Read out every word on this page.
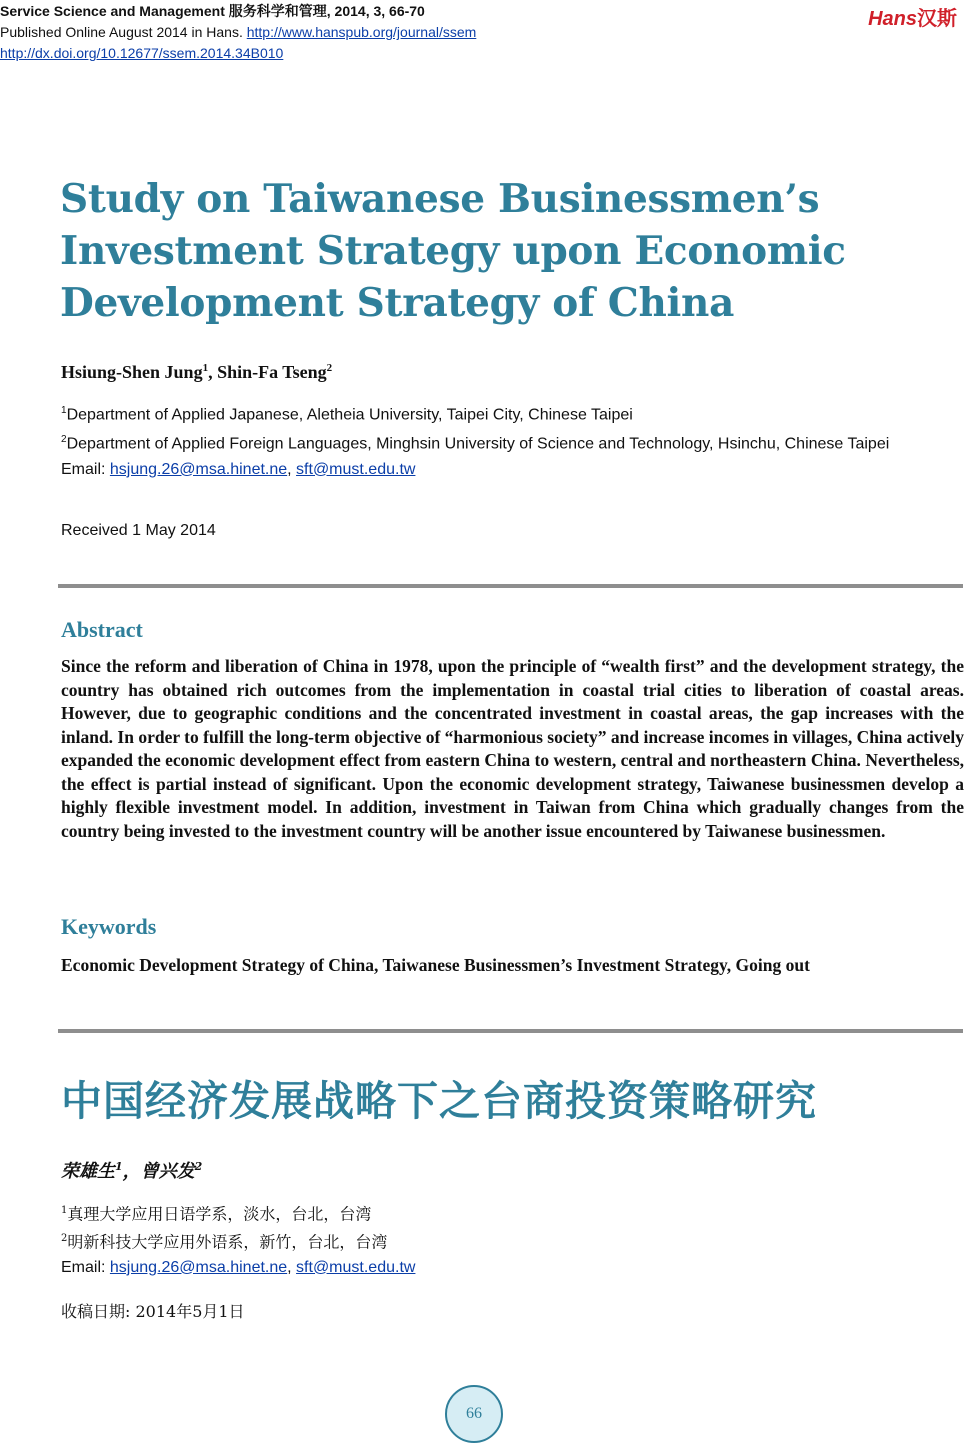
Service Science and Management 服务科学和管理, 2014, 3, 66-70
Published Online August 2014 in Hans. http://www.hanspub.org/journal/ssem
http://dx.doi.org/10.12677/ssem.2014.34B010
Hans汉斯
Study on Taiwanese Businessmen’s Investment Strategy upon Economic Development Strategy of China
Hsiung-Shen Jung$^1$, Shin-Fa Tseng$^2$
$^1$Department of Applied Japanese, Aletheia University, Taipei City, Chinese Taipei
$^2$Department of Applied Foreign Languages, Minghsin University of Science and Technology, Hsinchu, Chinese Taipei
Email: hsjung.26@msa.hinet.ne, sft@must.edu.tw
Received 1 May 2014
Abstract

Since the reform and liberation of China in 1978, upon the principle of “wealth first” and the development strategy, the country has obtained rich outcomes from the implementation in coastal trial cities to liberation of coastal areas. However, due to geographic conditions and the concentrated investment in coastal areas, the gap increases with the inland. In order to fulfill the long-term objective of “harmonious society” and increase incomes in villages, China actively expanded the economic development effect from eastern China to western, central and northeastern China. Nevertheless, the effect is partial instead of significant. Upon the economic development strategy, Taiwanese businessmen develop a highly flexible investment model. In addition, investment in Taiwan from China which gradually changes from the country being invested to the investment country will be another issue encountered by Taiwanese businessmen.

Keywords

Economic Development Strategy of China, Taiwanese Businessmen’s Investment Strategy, Going out

中国经济发展战略下之台商投资策略研究
荣雄生$^1$，曾兴发$^2$
$^1$真理大学应用日语学系，淡水，台北，台湾
$^2$明新科技大学应用外语系，新竹，台北，台湾
Email: hsjung.26@msa.hinet.ne, sft@must.edu.tw
收稿日期: 2014年5月1日
66
